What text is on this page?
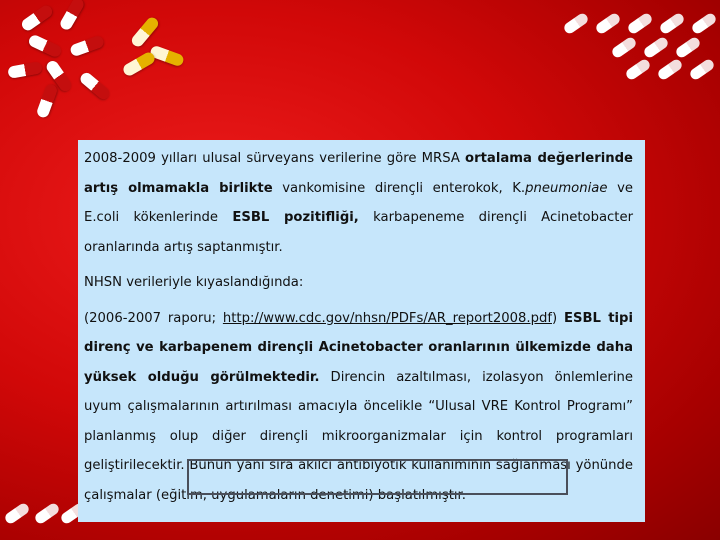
2008-2009 yılları ulusal sürveyans verilerine göre MRSA ortalama değerlerinde artış olmamakla birlikte vankomisine dirençli enterokok, K.pneumoniae ve E.coli kökenlerinde ESBL pozitifliği, karbapeneme dirençli Acinetobacter oranlarında artış saptanmıştır.

NHSN verileriyle kıyaslandığında:

(2006-2007 raporu; http://www.cdc.gov/nhsn/PDFs/AR_report2008.pdf) ESBL tipi direnç ve karbapenem dirençli Acinetobacter oranlarının ülkemizde daha yüksek olduğu görülmektedir. Direncin azaltılması, izolasyon önlemlerine uyum çalışmalarının artırılması amacıyla öncelikle “Ulusal VRE Kontrol Programı” planlanmış olup diğer dirençli mikroorganizmalar için kontrol programları geliştirilecektir. Bunun yanı sıra akılcı antibiyotik kullanımının sağlanması yönünde çalışmalar (eğitim, uygulamaların denetimi) başlatılmıştır.
